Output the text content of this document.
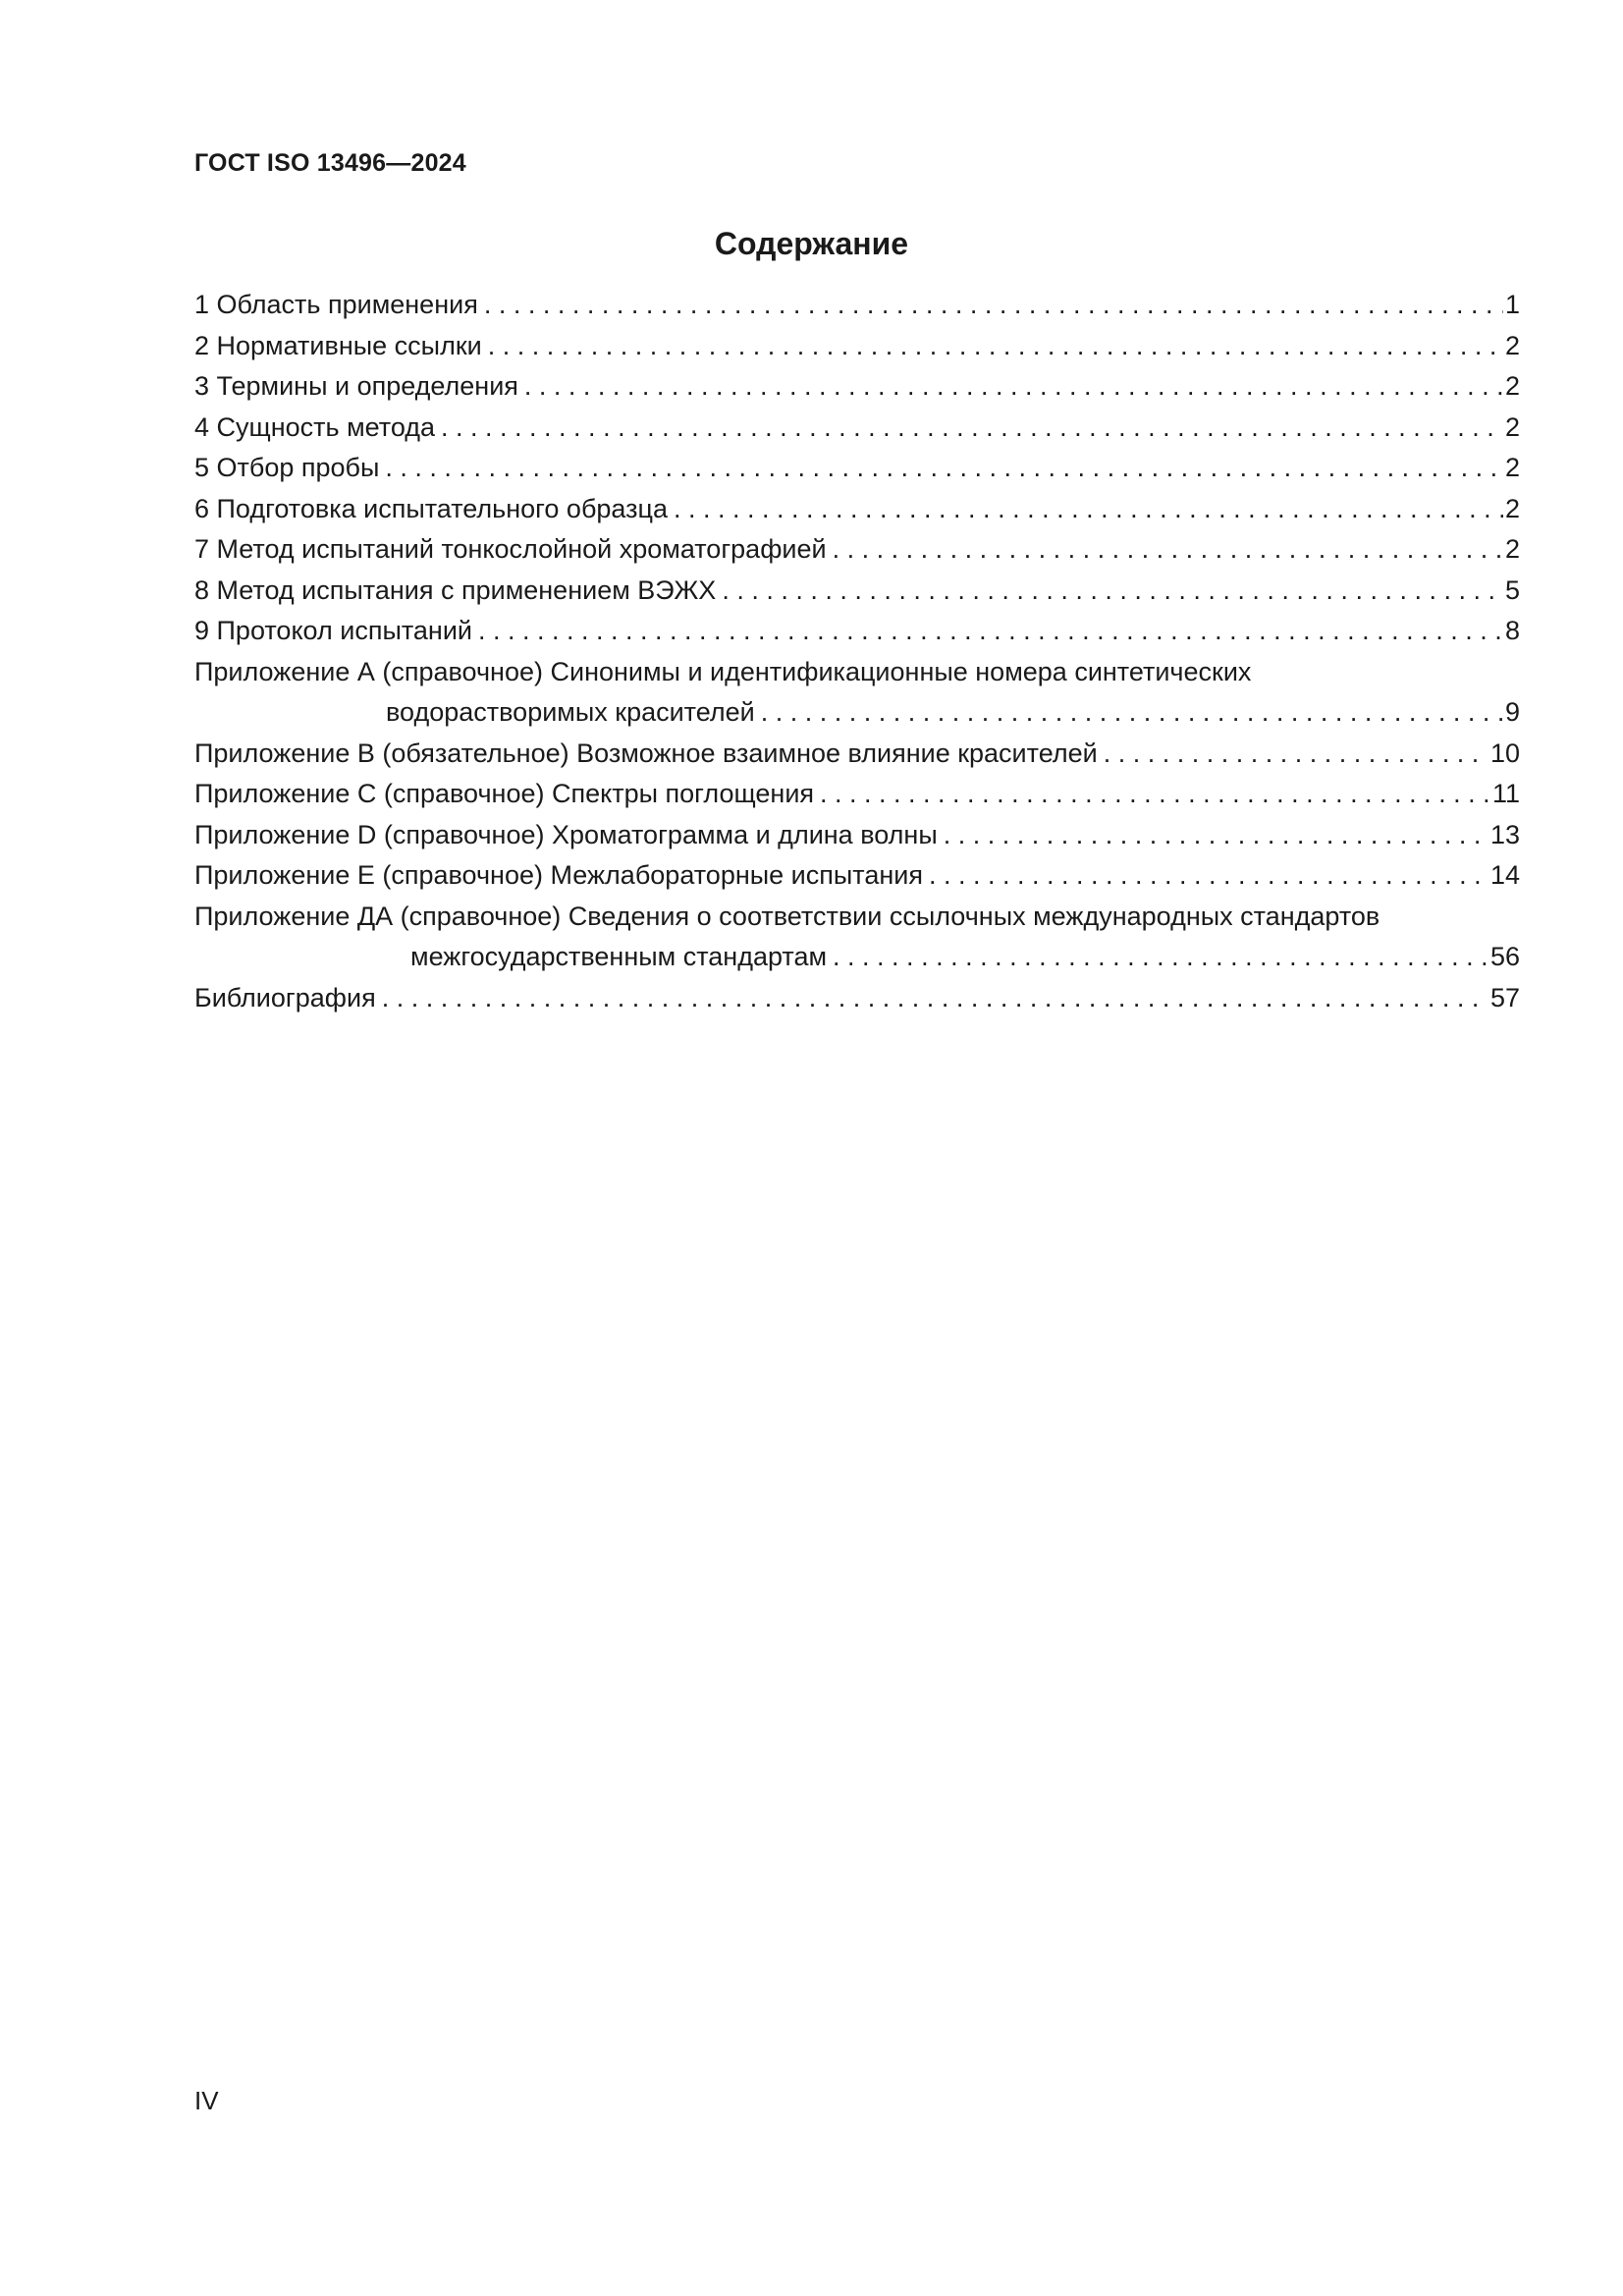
ГОСТ ISO 13496—2024
Содержание
1 Область применения . . .	1
2 Нормативные ссылки . . .	2
3 Термины и определения . . .	2
4 Сущность метода . . .	2
5 Отбор пробы . . .	2
6 Подготовка испытательного образца . . .	2
7 Метод испытаний тонкослойной хроматографией . . .	2
8 Метод испытания с применением ВЭЖХ . . .	5
9 Протокол испытаний . . .	8
Приложение А (справочное) Синонимы и идентификационные номера синтетических
водорастворимых красителей . . .	9
Приложение В (обязательное) Возможное взаимное влияние красителей . . .	10
Приложение С (справочное) Спектры поглощения . . .	11
Приложение D (справочное) Хроматограмма и длина волны . . .	13
Приложение Е (справочное) Межлабораторные испытания . . .	14
Приложение ДА (справочное) Сведения о соответствии ссылочных международных стандартов
межгосударственным стандартам . . .	56
Библиография . . .	57
IV
